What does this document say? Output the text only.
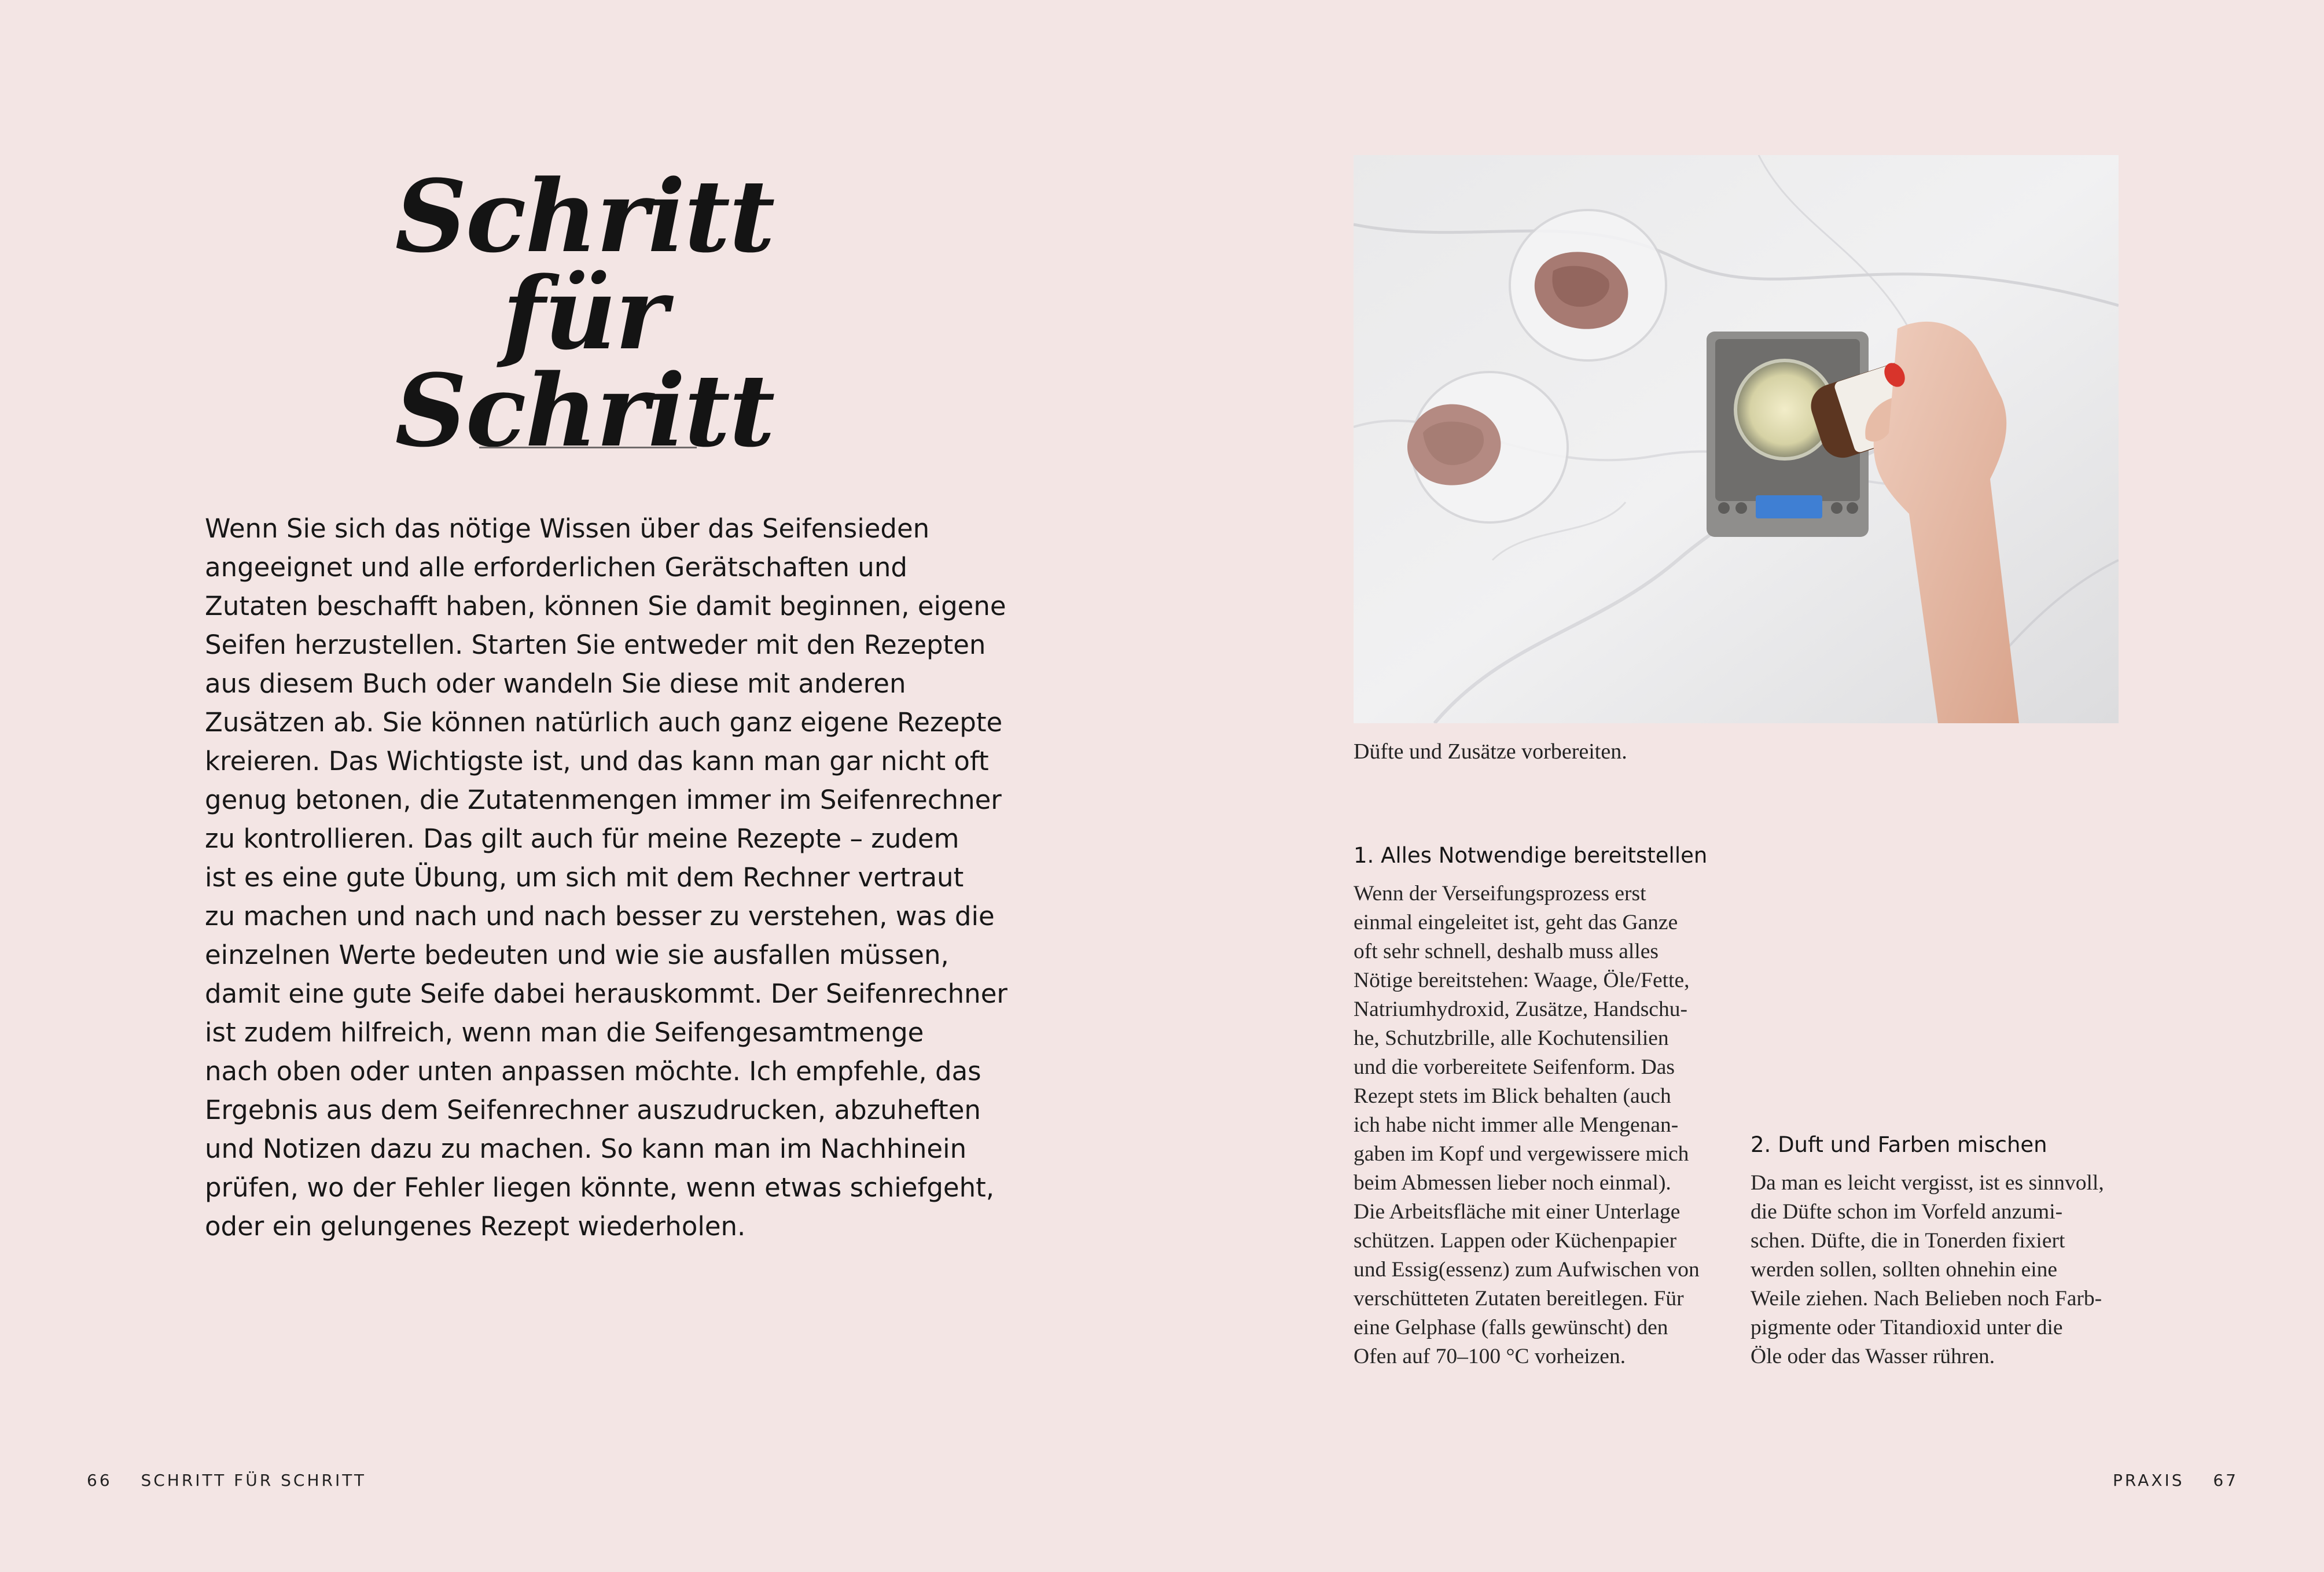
Schritt für
Schritt
Wenn Sie sich das nötige Wissen über das Seifensieden
angeeignet und alle erforderlichen Gerätschaften und
Zutaten beschafft haben, können Sie damit beginnen, eigene
Seifen herzustellen. Starten Sie entweder mit den Rezepten
aus diesem Buch oder wandeln Sie diese mit anderen
Zusätzen ab. Sie können natürlich auch ganz eigene Rezepte
kreieren. Das Wichtigste ist, und das kann man gar nicht oft
genug betonen, die Zutatenmengen immer im Seifenrechner
zu kontrollieren. Das gilt auch für meine Rezepte – zudem
ist es eine gute Übung, um sich mit dem Rechner vertraut
zu machen und nach und nach besser zu verstehen, was die
einzelnen Werte bedeuten und wie sie ausfallen müssen,
damit eine gute Seife dabei herauskommt. Der Seifenrechner
ist zudem hilfreich, wenn man die Seifengesamtmenge
nach oben oder unten anpassen möchte. Ich empfehle, das
Ergebnis aus dem Seifenrechner auszudrucken, abzuheften
und Notizen dazu zu machen. So kann man im Nachhinein
prüfen, wo der Fehler liegen könnte, wenn etwas schiefgeht,
oder ein gelungenes Rezept wiederholen.
66 SCHRITT FÜR SCHRITT
Düfte und Zusätze vorbereiten.
1. Alles Notwendige bereitstellen
Wenn der Verseifungsprozess erst
einmal eingeleitet ist, geht das Ganze
oft sehr schnell, deshalb muss alles
Nötige bereitstehen: Waage, Öle/Fette,
Natriumhydroxid, Zusätze, Handschu-
he, Schutzbrille, alle Kochutensilien
und die vorbereitete Seifenform. Das
Rezept stets im Blick behalten (auch
ich habe nicht immer alle Mengenan-
gaben im Kopf und vergewissere mich
beim Abmessen lieber noch einmal).
Die Arbeitsfläche mit einer Unterlage
schützen. Lappen oder Küchenpapier
und Essig(essenz) zum Aufwischen von
verschütteten Zutaten bereitlegen. Für
eine Gelphase (falls gewünscht) den
Ofen auf 70–100 °C vorheizen.
2. Duft und Farben mischen
Da man es leicht vergisst, ist es sinnvoll,
die Düfte schon im Vorfeld anzumi-
schen. Düfte, die in Tonerden fixiert
werden sollen, sollten ohnehin eine
Weile ziehen. Nach Belieben noch Farb-
pigmente oder Titandioxid unter die
Öle oder das Wasser rühren.
PRAXIS 67
